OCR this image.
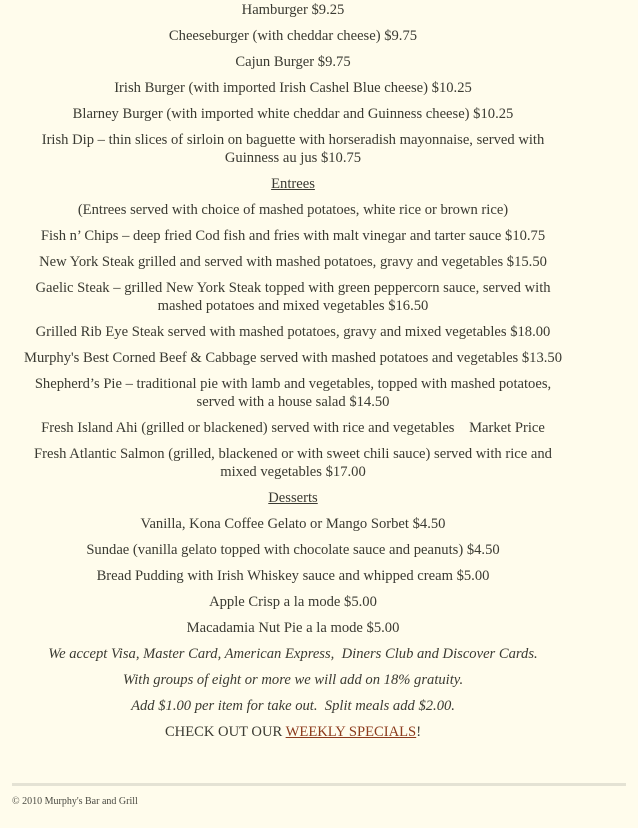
Hamburger $9.25

Cheeseburger (with cheddar cheese) $9.75

Cajun Burger $9.75

Irish Burger (with imported Irish Cashel Blue cheese) $10.25

Blarney Burger (with imported white cheddar and Guinness cheese) $10.25

Irish Dip – thin slices of sirloin on baguette with horseradish mayonnaise, served with
Guinness au jus $10.75

Entrees

(Entrees served with choice of mashed potatoes, white rice or brown rice)

Fish n’ Chips – deep fried Cod fish and fries with malt vinegar and tarter sauce $10.75

New York Steak grilled and served with mashed potatoes, gravy and vegetables $15.50

Gaelic Steak – grilled New York Steak topped with green peppercorn sauce, served with
mashed potatoes and mixed vegetables $16.50

Grilled Rib Eye Steak served with mashed potatoes, gravy and mixed vegetables $18.00

Murphy's Best Corned Beef & Cabbage served with mashed potatoes and vegetables $13.50

Shepherd’s Pie – traditional pie with lamb and vegetables, topped with mashed potatoes,
served with a house salad $14.50

Fresh Island Ahi (grilled or blackened) served with rice and vegetables    Market Price

Fresh Atlantic Salmon (grilled, blackened or with sweet chili sauce) served with rice and
mixed vegetables $17.00

Desserts

Vanilla, Kona Coffee Gelato or Mango Sorbet $4.50

Sundae (vanilla gelato topped with chocolate sauce and peanuts) $4.50

Bread Pudding with Irish Whiskey sauce and whipped cream $5.00

Apple Crisp a la mode $5.00

Macadamia Nut Pie a la mode $5.00

We accept Visa, Master Card, American Express,  Diners Club and Discover Cards.

With groups of eight or more we will add on 18% gratuity.

Add $1.00 per item for take out.  Split meals add $2.00.

CHECK OUT OUR WEEKLY SPECIALS!

© 2010 Murphy's Bar and Grill
